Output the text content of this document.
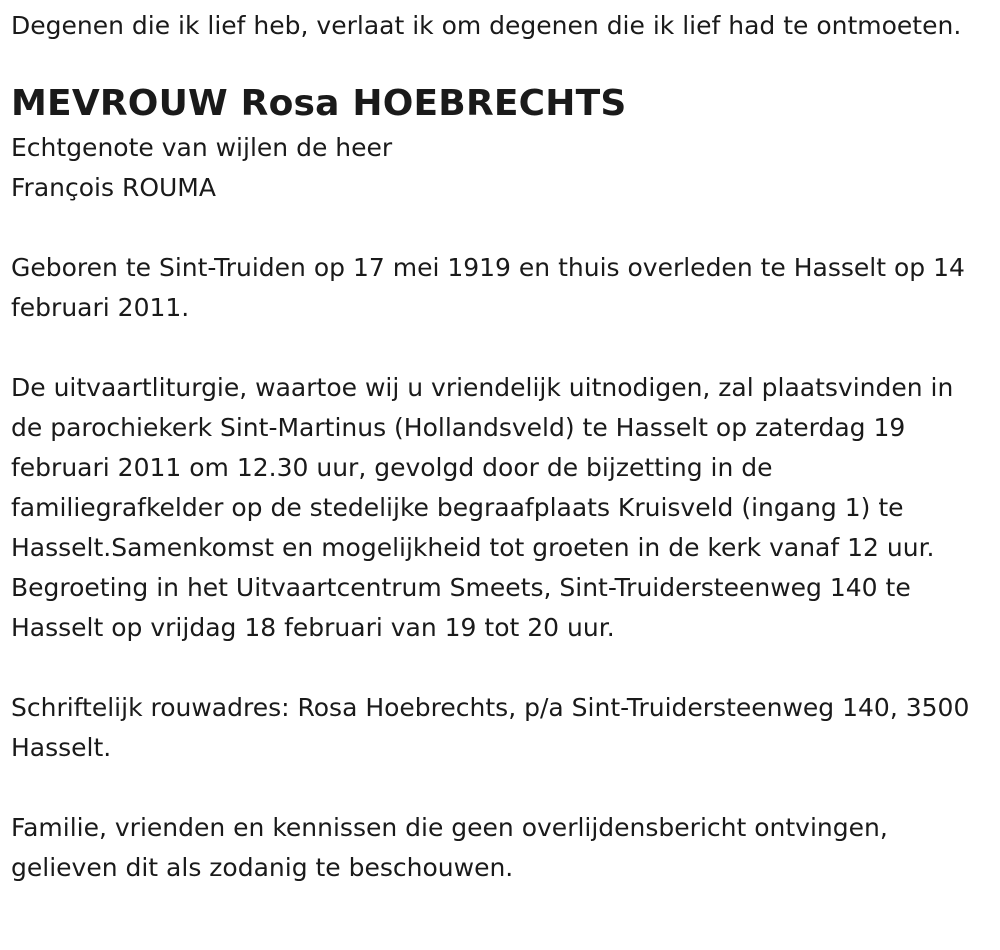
Degenen die ik lief heb, verlaat ik om degenen die ik lief had te ontmoeten.

MEVROUW Rosa HOEBRECHTS

Echtgenote van wijlen de heer

François ROUMA

Geboren te Sint-Truiden op 17 mei 1919 en thuis overleden te Hasselt op 14 februari 2011.

De uitvaartliturgie, waartoe wij u vriendelijk uitnodigen, zal plaatsvinden in de parochiekerk Sint-Martinus (Hollandsveld) te Hasselt op zaterdag 19 februari 2011 om 12.30 uur, gevolgd door de bijzetting in de familiegrafkelder op de stedelijke begraafplaats Kruisveld (ingang 1) te Hasselt.Samenkomst en mogelijkheid tot groeten in de kerk vanaf 12 uur.

Begroeting in het Uitvaartcentrum Smeets, Sint-Truidersteenweg 140 te Hasselt op vrijdag 18 februari van 19 tot 20 uur.

Schriftelijk rouwadres: Rosa Hoebrechts, p/a Sint-Truidersteenweg 140, 3500 Hasselt.

Familie, vrienden en kennissen die geen overlijdensbericht ontvingen, gelieven dit als zodanig te beschouwen.
